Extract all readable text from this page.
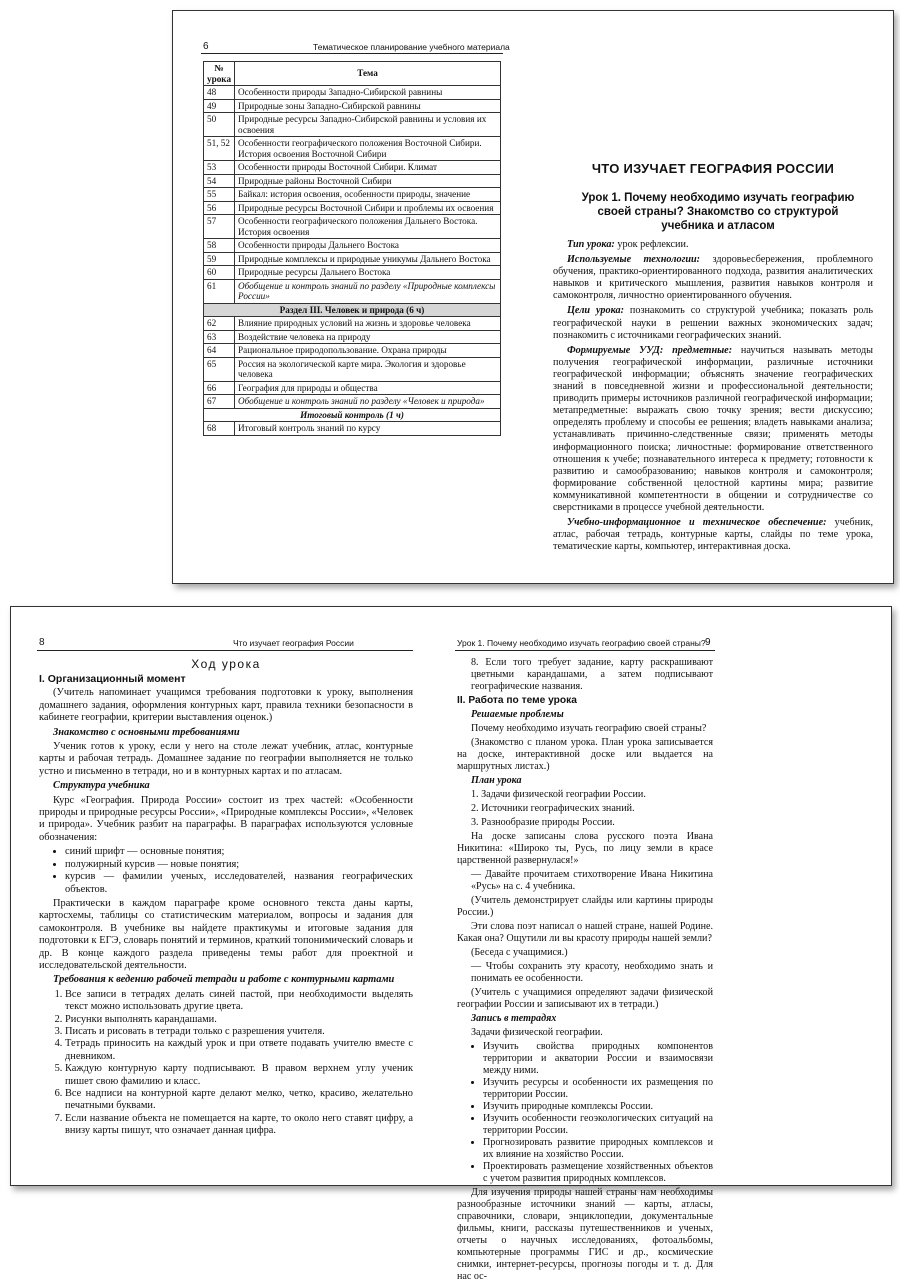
6	Тематическое планирование учебного материала
№ урока	Тема
48	Особенности природы Западно-Сибирской равнины
49	Природные зоны Западно-Сибирской равнины
50	Природные ресурсы Западно-Сибирской равнины и условия их освоения
51, 52	Особенности географического положения Восточной Сибири. История освоения Восточной Сибири
53	Особенности природы Восточной Сибири. Климат
54	Природные районы Восточной Сибири
55	Байкал: история освоения, особенности природы, значение
56	Природные ресурсы Восточной Сибири и проблемы их освоения
57	Особенности географического положения Дальнего Востока. История освоения
58	Особенности природы Дальнего Востока
59	Природные комплексы и природные уникумы Дальнего Востока
60	Природные ресурсы Дальнего Востока
61	Обобщение и контроль знаний по разделу «Природные комплексы России»
Раздел III. Человек и природа (6 ч)	
62	Влияние природных условий на жизнь и здоровье человека
63	Воздействие человека на природу
64	Рациональное природопользование. Охрана природы
65	Россия на экологической карте мира. Экология и здоровье человека
66	География для природы и общества
67	Обобщение и контроль знаний по разделу «Человек и природа»
Итоговый контроль (1 ч)	
68	Итоговый контроль знаний по курсу
ЧТО ИЗУЧАЕТ ГЕОГРАФИЯ РОССИИ
Урок 1. Почему необходимо изучать географию своей страны? Знакомство со структурой учебника и атласом

Тип урока: урок рефлексии.

Используемые технологии: здоровьесбережения, проблемного обучения, практико-ориентированного подхода, развития аналитических навыков и критического мышления, развития навыков контроля и самоконтроля, личностно ориентированного обучения.

Цели урока: познакомить со структурой учебника; показать роль географической науки в решении важных экономических задач; познакомить с источниками географических знаний.

Формируемые УУД: предметные: научиться называть методы получения географической информации, различные источники географической информации; объяснять значение географических знаний в повседневной жизни и профессиональной деятельности; приводить примеры источников различной географической информации; метапредметные: выражать свою точку зрения; вести дискуссию; определять проблему и способы ее решения; владеть навыками анализа; устанавливать причинно-следственные связи; применять методы информационного поиска; личностные: формирование ответственного отношения к учебе; познавательного интереса к предмету; готовности к развитию и самообразованию; навыков контроля и самоконтроля; формирование собственной целостной картины мира; развитие коммуникативной компетентности в общении и сотрудничестве со сверстниками в процессе учебной деятельности.

Учебно-информационное и техническое обеспечение: учебник, атлас, рабочая тетрадь, контурные карты, слайды по теме урока, тематические карты, компьютер, интерактивная доска.

8	Что изучает география России
Ход урока

I. Организационный момент

(Учитель напоминает учащимся требования подготовки к уроку, выполнения домашнего задания, оформления контурных карт, правила техники безопасности в кабинете географии, критерии выставления оценок.)

Знакомство с основными требованиями

Ученик готов к уроку, если у него на столе лежат учебник, атлас, контурные карты и рабочая тетрадь. Домашнее задание по географии выполняется не только устно и письменно в тетради, но и в контурных картах и по атласам.

Структура учебника

Курс «География. Природа России» состоит из трех частей: «Особенности природы и природные ресурсы России», «Природные комплексы России», «Человек и природа». Учебник разбит на параграфы. В параграфах используются условные обозначения:

• синий шрифт — основные понятия;
• полужирный курсив — новые понятия;
• курсив — фамилии ученых, исследователей, названия географических объектов.

Практически в каждом параграфе кроме основного текста даны карты, картосхемы, таблицы со статистическим материалом, вопросы и задания для самоконтроля. В учебнике вы найдете практикумы и итоговые задания для подготовки к ЕГЭ, словарь понятий и терминов, краткий топонимический словарь и др. В конце каждого раздела приведены темы работ для проектной и исследовательской деятельности.

Требования к ведению рабочей тетради и работе с контурными картами

1. Все записи в тетрадях делать синей пастой, при необходимости выделять текст можно использовать другие цвета.
2. Рисунки выполнять карандашами.
3. Писать и рисовать в тетради только с разрешения учителя.
4. Тетрадь приносить на каждый урок и при ответе подавать учителю вместе с дневником.
5. Каждую контурную карту подписывают. В правом верхнем углу ученик пишет свою фамилию и класс.
6. Все надписи на контурной карте делают мелко, четко, красиво, желательно печатными буквами.
7. Если название объекта не помещается на карте, то около него ставят цифру, а внизу карты пишут, что означает данная цифра.
Урок 1. Почему необходимо изучать географию своей страны? 9

8. Если того требует задание, карту раскрашивают цветными карандашами, а затем подписывают географические названия.

II. Работа по теме урока

Решаемые проблемы

Почему необходимо изучать географию своей страны?

(Знакомство с планом урока. План урока записывается на доске, интерактивной доске или выдается на маршрутных листах.)

План урока

1. Задачи физической географии России.

2. Источники географических знаний.

3. Разнообразие природы России.

На доске записаны слова русского поэта Ивана Никитина: «Широко ты, Русь, по лицу земли в красе царственной развернулася!»

— Давайте прочитаем стихотворение Ивана Никитина «Русь» на с. 4 учебника.

(Учитель демонстрирует слайды или картины природы России.)

Эти слова поэт написал о нашей стране, нашей Родине. Какая она? Ощутили ли вы красоту природы нашей земли?

(Беседа с учащимися.)

— Чтобы сохранить эту красоту, необходимо знать и понимать ее особенности.

(Учитель с учащимися определяют задачи физической географии России и записывают их в тетради.)

Запись в тетрадях

Задачи физической географии.

• Изучить свойства природных компонентов территории и акватории России и взаимосвязи между ними.
• Изучить ресурсы и особенности их размещения по территории России.
• Изучить природные комплексы России.
• Изучить особенности геоэкологических ситуаций на территории России.
• Прогнозировать развитие природных комплексов и их влияние на хозяйство России.
• Проектировать размещение хозяйственных объектов с учетом развития природных комплексов.

Для изучения природы нашей страны нам необходимы разнообразные источники знаний — карты, атласы, справочники, словари, энциклопедии, документальные фильмы, книги, рассказы путешественников и ученых, отчеты о научных исследованиях, фотоальбомы, компьютерные программы ГИС и др., космические снимки, интернет-ресурсы, прогнозы погоды и т. д. Для нас ос-
